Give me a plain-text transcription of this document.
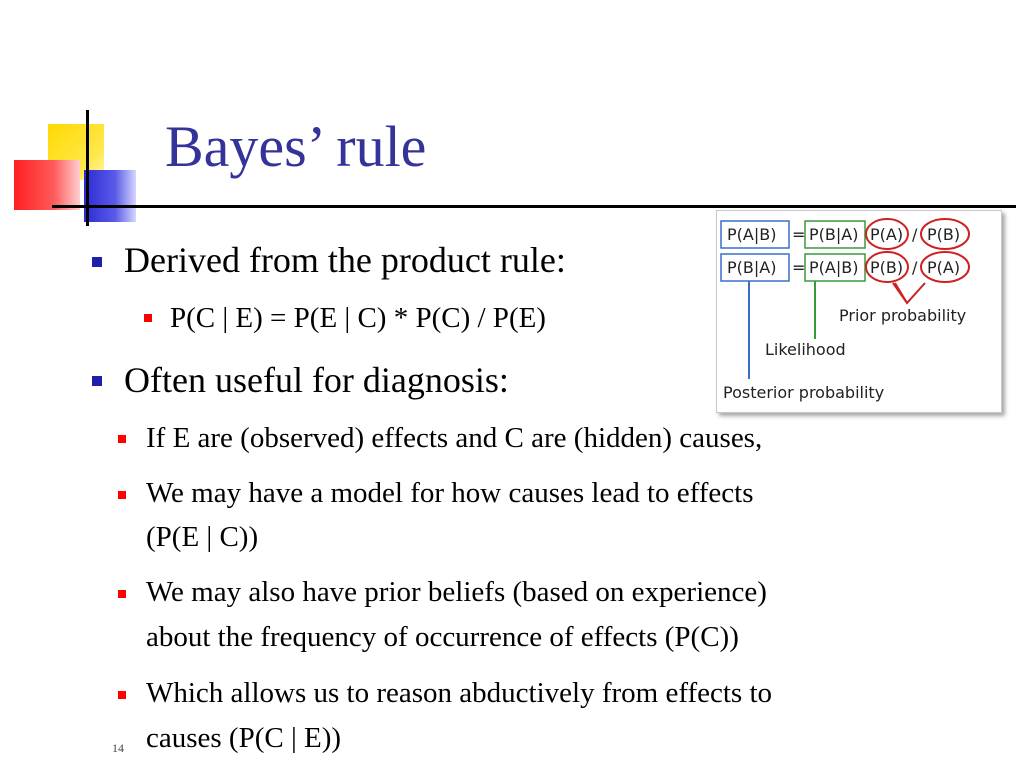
Bayes’ rule
Derived from the product rule:
P(C | E) = P(E | C) * P(C) / P(E)
Often useful for diagnosis:
If E are (observed) effects and C are (hidden) causes,
We may have a model for how causes lead to effects
(P(E | C))
We may also have prior beliefs (based on experience)
about the frequency of occurrence of effects (P(C))
Which allows us to reason abductively from effects to
causes (P(C | E))
14
P(A|B) = P(B|A) P(A) / P(B)
P(B|A) = P(A|B) P(B) / P(A)
Prior probability
Likelihood
Posterior probability
